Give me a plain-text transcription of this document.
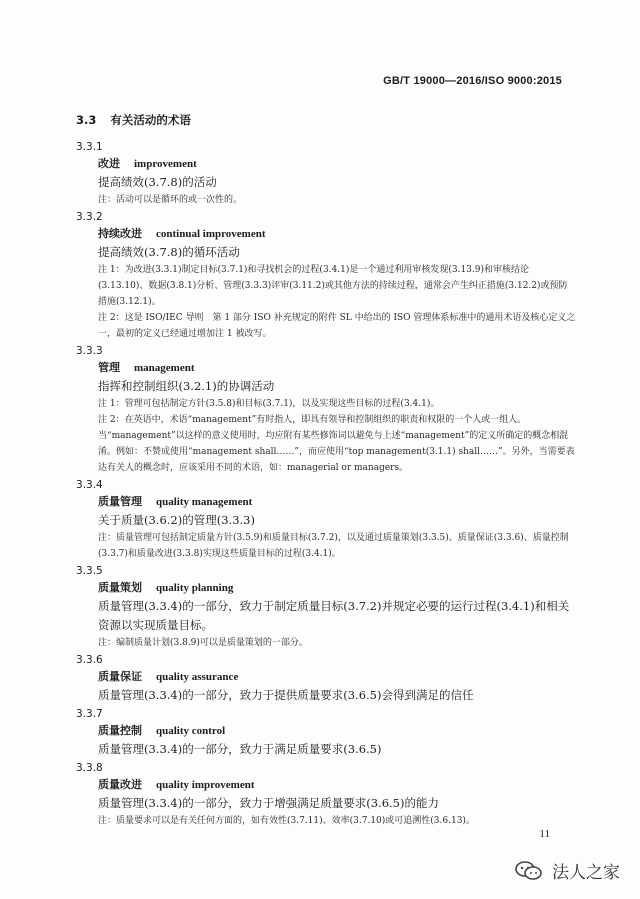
GB/T 19000—2016/ISO 9000:2015
3.3 有关活动的术语
3.3.1
改进 improvement
提高绩效(3.7.8)的活动
注：活动可以是循环的或一次性的。
3.3.2
持续改进 continual improvement
提高绩效(3.7.8)的循环活动
注 1：为改进(3.3.1)制定目标(3.7.1)和寻找机会的过程(3.4.1)是一个通过利用审核发现(3.13.9)和审核结论(3.13.10)、数据(3.8.1)分析、管理(3.3.3)评审(3.11.2)或其他方法的持续过程，通常会产生纠正措施(3.12.2)或预防措施(3.12.1)。
注 2：这是 ISO/IEC 导则　第 1 部分 ISO 补充规定的附件 SL 中给出的 ISO 管理体系标准中的通用术语及核心定义之一，最初的定义已经通过增加注 1 被改写。
3.3.3
管理 management
指挥和控制组织(3.2.1)的协调活动
注 1：管理可包括制定方针(3.5.8)和目标(3.7.1)，以及实现这些目标的过程(3.4.1)。
注 2：在英语中，术语“management”有时指人，即具有领导和控制组织的职责和权限的一个人或一组人。当“management”以这样的意义使用时，均应附有某些修饰词以避免与上述“management”的定义所确定的概念相混淆。例如：不赞成使用“management shall……”，而应使用“top management(3.1.1) shall……”。另外，当需要表达有关人的概念时，应该采用不同的术语，如：managerial or managers。
3.3.4
质量管理 quality management
关于质量(3.6.2)的管理(3.3.3)
注：质量管理可包括制定质量方针(3.5.9)和质量目标(3.7.2)，以及通过质量策划(3.3.5)、质量保证(3.3.6)、质量控制(3.3.7)和质量改进(3.3.8)实现这些质量目标的过程(3.4.1)。
3.3.5
质量策划 quality planning
质量管理(3.3.4)的一部分，致力于制定质量目标(3.7.2)并规定必要的运行过程(3.4.1)和相关资源以实现质量目标。
注：编制质量计划(3.8.9)可以是质量策划的一部分。
3.3.6
质量保证 quality assurance
质量管理(3.3.4)的一部分，致力于提供质量要求(3.6.5)会得到满足的信任
3.3.7
质量控制 quality control
质量管理(3.3.4)的一部分，致力于满足质量要求(3.6.5)
3.3.8
质量改进 quality improvement
质量管理(3.3.4)的一部分，致力于增强满足质量要求(3.6.5)的能力
注：质量要求可以是有关任何方面的，如有效性(3.7.11)、效率(3.7.10)或可追溯性(3.6.13)。
11
法人之家
